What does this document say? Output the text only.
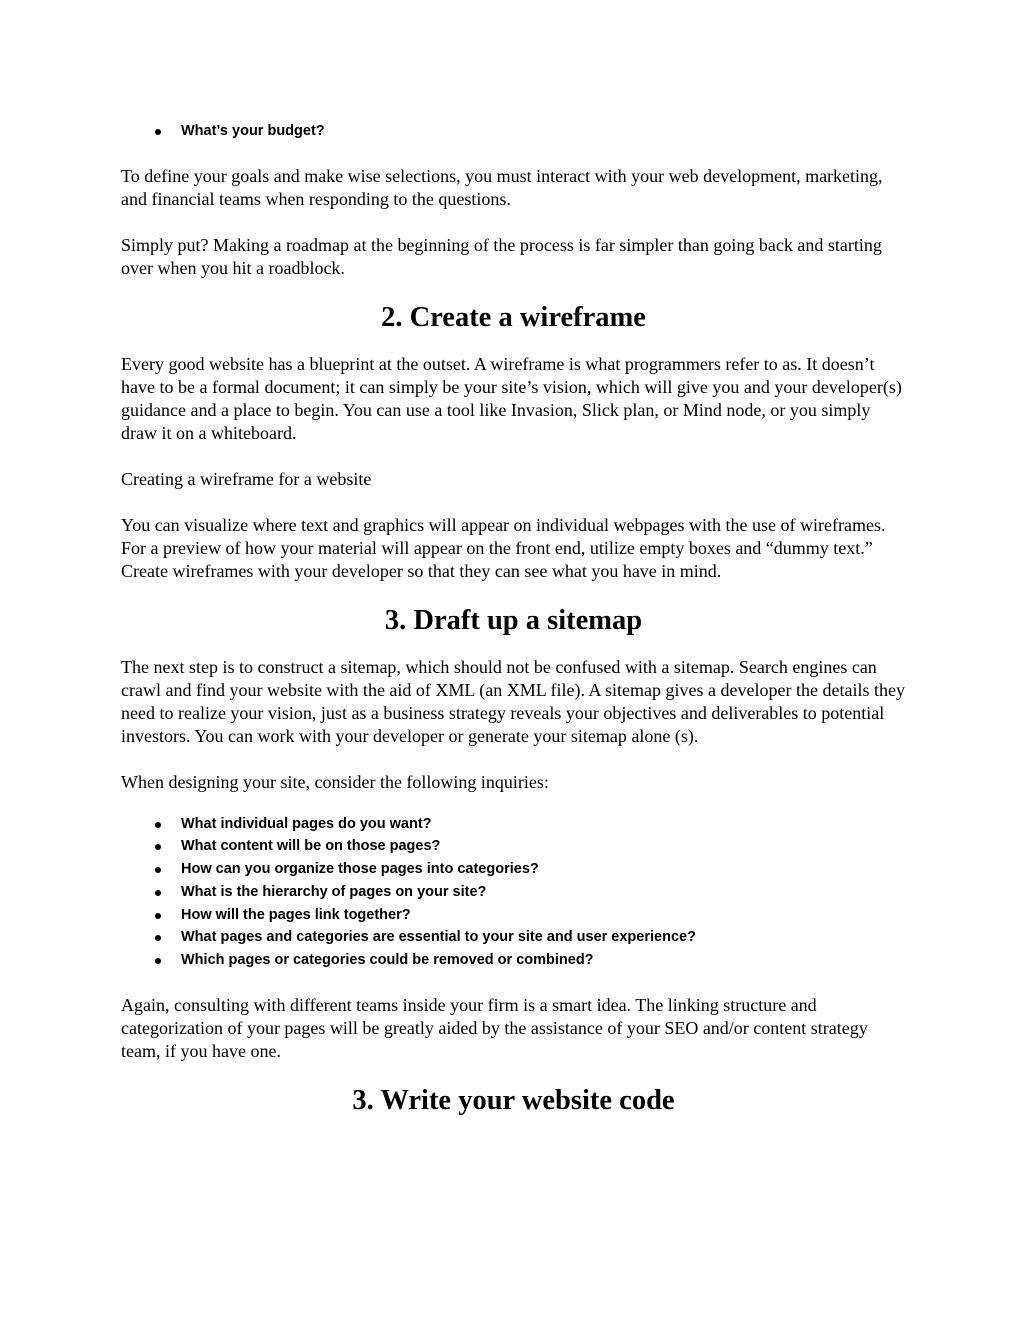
What’s your budget?

To define your goals and make wise selections, you must interact with your web development, marketing, and financial teams when responding to the questions.

Simply put? Making a roadmap at the beginning of the process is far simpler than going back and starting over when you hit a roadblock.

2. Create a wireframe

Every good website has a blueprint at the outset. A wireframe is what programmers refer to as. It doesn’t have to be a formal document; it can simply be your site’s vision, which will give you and your developer(s) guidance and a place to begin. You can use a tool like Invasion, Slick plan, or Mind node, or you simply draw it on a whiteboard.

Creating a wireframe for a website

You can visualize where text and graphics will appear on individual webpages with the use of wireframes. For a preview of how your material will appear on the front end, utilize empty boxes and “dummy text.” Create wireframes with your developer so that they can see what you have in mind.

3. Draft up a sitemap

The next step is to construct a sitemap, which should not be confused with a sitemap. Search engines can crawl and find your website with the aid of XML (an XML file). A sitemap gives a developer the details they need to realize your vision, just as a business strategy reveals your objectives and deliverables to potential investors. You can work with your developer or generate your sitemap alone (s).

When designing your site, consider the following inquiries:

What individual pages do you want?
What content will be on those pages?
How can you organize those pages into categories?
What is the hierarchy of pages on your site?
How will the pages link together?
What pages and categories are essential to your site and user experience?
Which pages or categories could be removed or combined?

Again, consulting with different teams inside your firm is a smart idea. The linking structure and categorization of your pages will be greatly aided by the assistance of your SEO and/or content strategy team, if you have one.

3. Write your website code
